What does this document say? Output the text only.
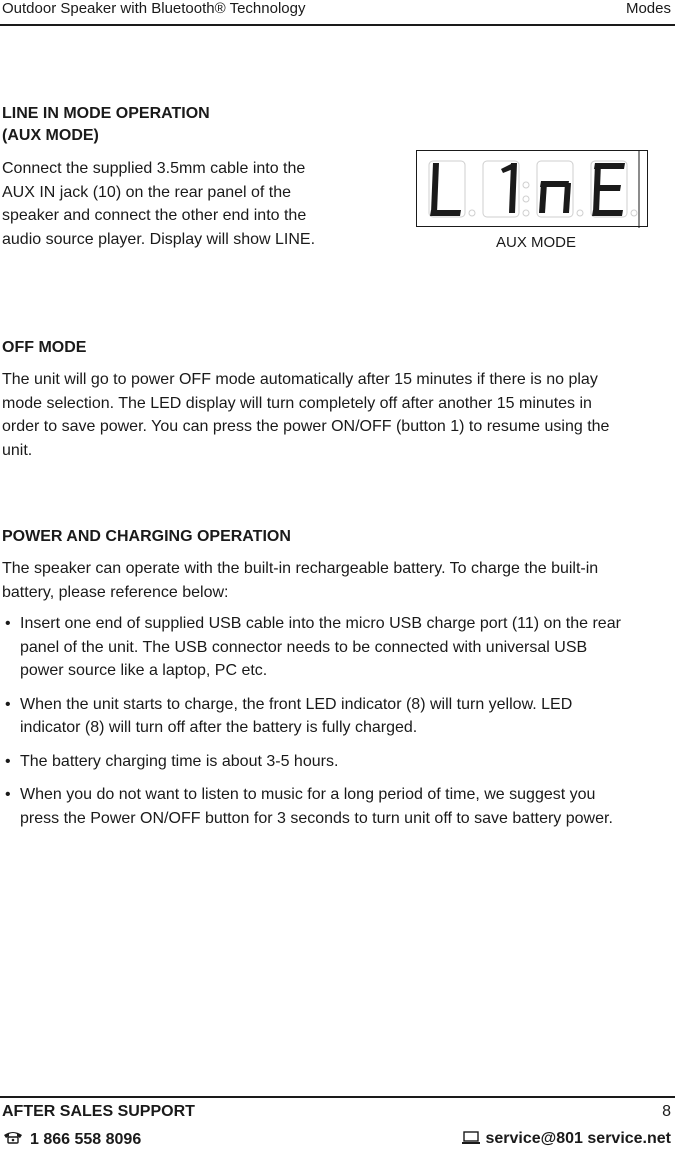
Outdoor Speaker with Bluetooth® Technology	Modes
LINE IN MODE OPERATION
(AUX MODE)
Connect the supplied 3.5mm cable into the AUX IN jack (10) on the rear panel of the speaker and connect the other end into the audio source player. Display will show LINE.	AUX MODE
OFF MODE
The unit will go to power OFF mode automatically after 15 minutes if there is no play mode selection. The LED display will turn completely off after another 15 minutes in order to save power. You can press the power ON/OFF (button 1) to resume using the unit.
POWER AND CHARGING OPERATION
The speaker can operate with the built-in rechargeable battery. To charge the built-in battery, please reference below:
• Insert one end of supplied USB cable into the micro USB charge port (11) on the rear panel of the unit. The USB connector needs to be connected with universal USB power source like a laptop, PC etc.
• When the unit starts to charge, the front LED indicator (8) will turn yellow. LED indicator (8) will turn off after the battery is fully charged.
• The battery charging time is about 3-5 hours.
• When you do not want to listen to music for a long period of time, we suggest you press the Power ON/OFF button for 3 seconds to turn unit off to save battery power.
AFTER SALES SUPPORT	8
1 866 558 8096	service@801 service.net
